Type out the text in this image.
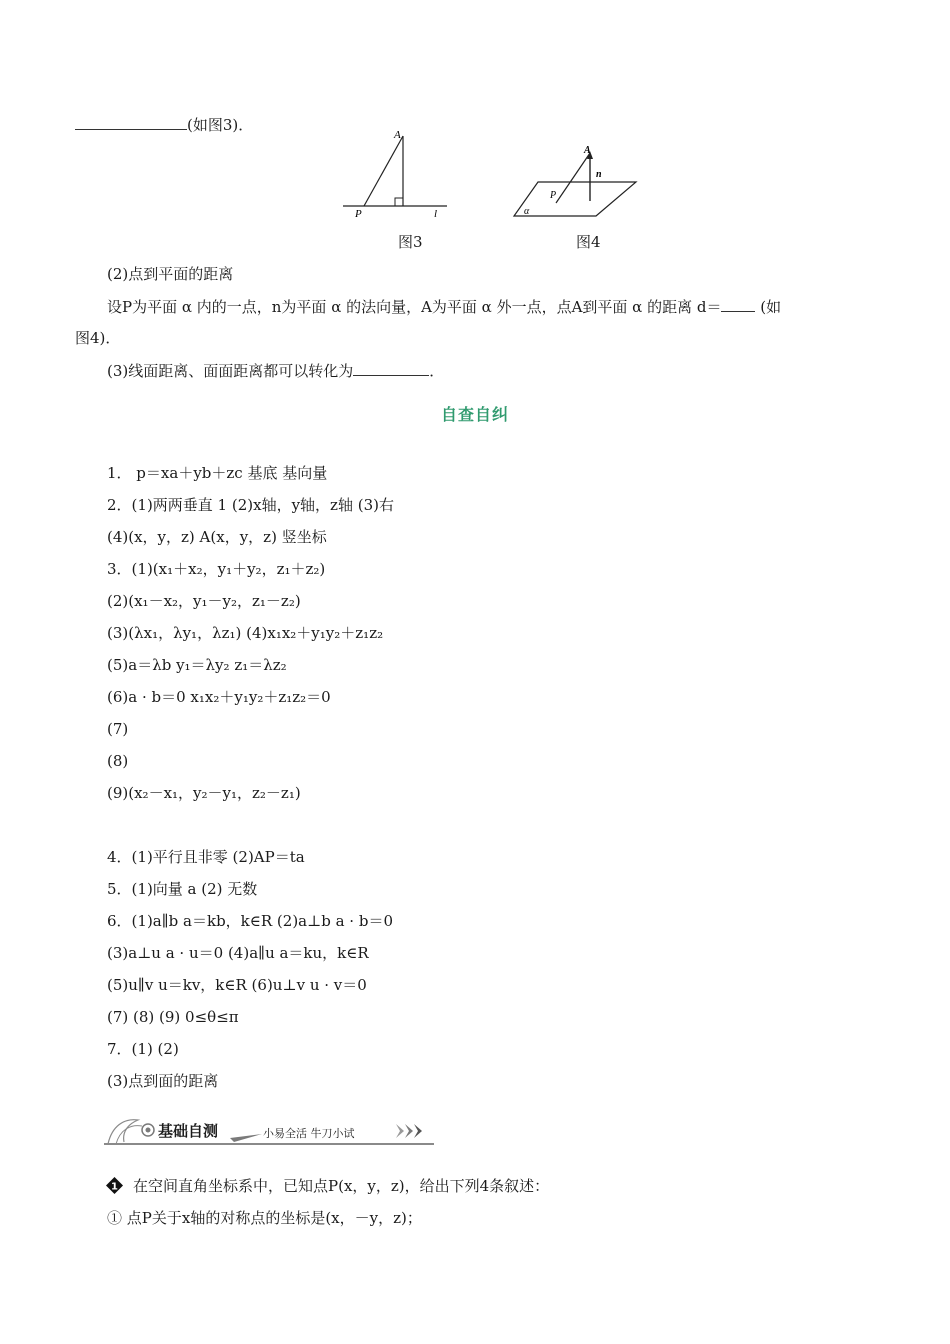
(如图3)．
A
P	l
图3
A
n
P
α
图4
(2)点到平面的距离
设P为平面 α 内的一点，n为平面 α 的法向量，A为平面 α 外一点，点A到平面 α 的距离 d＝ (如
图4)．
(3)线面距离、面面距离都可以转化为	．
自查自纠
1． p＝xa＋yb＋zc 基底 基向量
2．(1)两两垂直 1 (2)x轴，y轴，z轴 (3)右
(4)(x，y，z) A(x，y，z) 竖坐标
3．(1)(x₁＋x₂，y₁＋y₂，z₁＋z₂)
(2)(x₁－x₂，y₁－y₂，z₁－z₂)
(3)(λx₁，λy₁，λz₁) (4)x₁x₂＋y₁y₂＋z₁z₂
(5)a＝λb y₁＝λy₂ z₁＝λz₂
(6)a · b＝0 x₁x₂＋y₁y₂＋z₁z₂＝0
(7)
(8)
(9)(x₂－x₁，y₂－y₁，z₂－z₁)
4．(1)平行且非零 (2)AP＝ta
5．(1)向量 a (2) 无数
6．(1)a∥b a＝kb，k∈R (2)a⊥b a · b＝0
(3)a⊥u a · u＝0 (4)a∥u a＝ku，k∈R
(5)u∥v u＝kv，k∈R (6)u⊥v u · v＝0
(7) (8) (9) 0≤θ≤π
7．(1) (2)
(3)点到面的距离
基础自测	小易全活 牛刀小试
1 在空间直角坐标系中，已知点P(x，y，z)，给出下列4条叙述：
① 点P关于x轴的对称点的坐标是(x，－y，z)；
